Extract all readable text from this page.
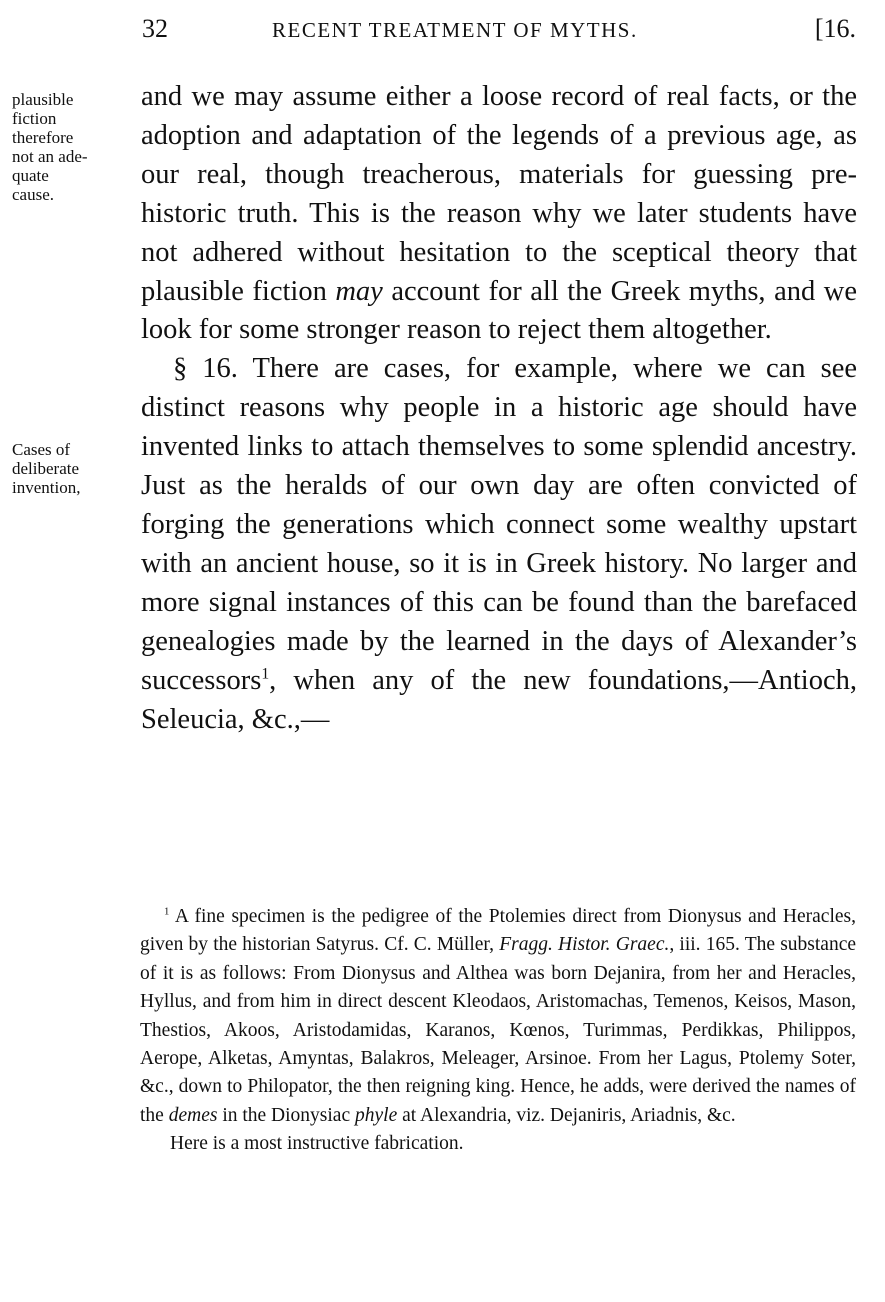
32	RECENT TREATMENT OF MYTHS.	[16.
plausible
fiction
therefore
not an ade-
quate
cause.
Cases of
deliberate
invention,

and we may assume either a loose record of real facts, or the adoption and adaptation of the legends of a previous age, as our real, though treacherous, materials for guessing pre-historic truth. This is the reason why we later students have not adhered without hesitation to the sceptical theory that plausible fiction may account for all the Greek myths, and we look for some stronger reason to reject them altogether.

§ 16. There are cases, for example, where we can see distinct reasons why people in a historic age should have invented links to attach themselves to some splendid ancestry. Just as the heralds of our own day are often convicted of forging the generations which connect some wealthy upstart with an ancient house, so it is in Greek history. No larger and more signal instances of this can be found than the barefaced genealogies made by the learned in the days of Alexander’s successors$^1$, when any of the new foundations,—Antioch, Seleucia, &c.,—

$^1$ A fine specimen is the pedigree of the Ptolemies direct from Dionysus and Heracles, given by the historian Satyrus. Cf. C. Müller, Fragg. Histor. Graec., iii. 165. The substance of it is as follows: From Dionysus and Althea was born Dejanira, from her and Heracles, Hyllus, and from him in direct descent Kleodaos, Aristomachas, Temenos, Keisos, Mason, Thestios, Akoos, Aristodamidas, Karanos, Kœnos, Turimmas, Perdikkas, Philippos, Aerope, Alketas, Amyntas, Balakros, Meleager, Arsinoe. From her Lagus, Ptolemy Soter, &c., down to Philopator, the then reigning king. Hence, he adds, were derived the names of the demes in the Dionysiac phyle at Alexandria, viz. Dejaniris, Ariadnis, &c.

Here is a most instructive fabrication.
